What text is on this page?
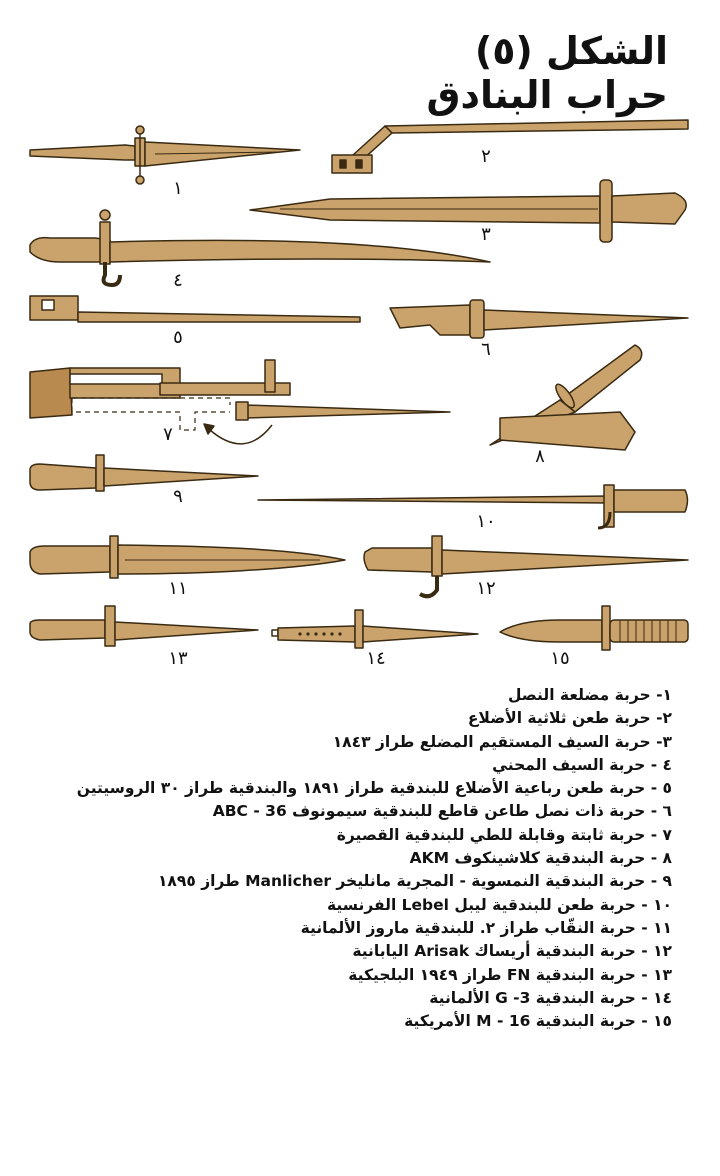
الشكل (٥)
حراب البنادق
١
٢
٣
٤
٥
٦
٧
٨
٩
١٠
١١	١٢
١٣	١٤	١٥
١- حربة مضلعة النصل
٢- حربة طعن ثلاثية الأضلاع
٣- حربة السيف المستقيم المضلع طراز ١٨٤٣
٤ - حربة السيف المحني
٥ - حربة طعن رباعية الأضلاع للبندقية طراز ١٨٩١ والبندقية طراز ٣٠ الروسيتين
٦ - حربة ذات نصل طاعن قاطع للبندقية سيمونوف 36 - ABC
٧ - حربة ثابتة وقابلة للطي للبندقية القصيرة
٨ - حربة البندقية كلاشينكوف AKM
٩ - حربة البندقية النمسوية - المجرية مانليخر Manlicher طراز ١٨٩٥
١٠ - حربة طعن للبندقية ليبل Lebel الفرنسية
١١ - حربة النقّاب طراز ٢. للبندقية ماروز الألمانية
١٢ - حربة البندقية أريساك Arisak اليابانية
١٣ - حربة البندقية FN طراز ١٩٤٩ البلجيكية
١٤ - حربة البندقية G -3 الألمانية
١٥ - حربة البندقية M - 16 الأمريكية
